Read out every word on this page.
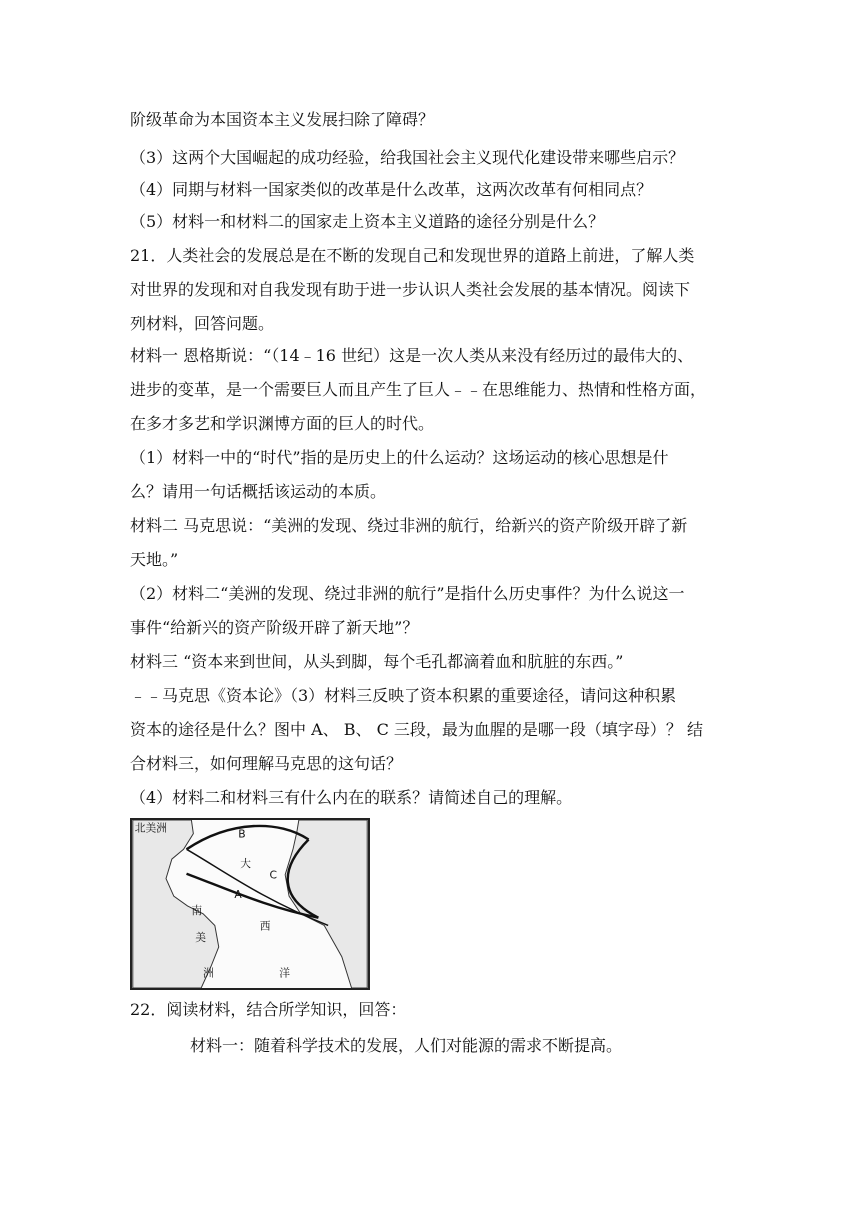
阶级革命为本国资本主义发展扫除了障碍？
（3）这两个大国崛起的成功经验，给我国社会主义现代化建设带来哪些启示？
（4）同期与材料一国家类似的改革是什么改革，这两次改革有何相同点？
（5）材料一和材料二的国家走上资本主义道路的途径分别是什么？
21．人类社会的发展总是在不断的发现自己和发现世界的道路上前进，了解人类
对世界的发现和对自我发现有助于进一步认识人类社会发展的基本情况。阅读下
列材料，回答问题。
材料一 恩格斯说：“（14﹣16 世纪）这是一次人类从来没有经历过的最伟大的、
进步的变革，是一个需要巨人而且产生了巨人﹣﹣在思维能力、热情和性格方面，
在多才多艺和学识渊博方面的巨人的时代。
（1）材料一中的“时代”指的是历史上的什么运动？这场运动的核心思想是什
么？请用一句话概括该运动的本质。
材料二 马克思说：“美洲的发现、绕过非洲的航行，给新兴的资产阶级开辟了新
天地。”
（2）材料二“美洲的发现、绕过非洲的航行”是指什么历史事件？为什么说这一
事件“给新兴的资产阶级开辟了新天地”？
材料三 “资本来到世间，从头到脚，每个毛孔都滴着血和肮脏的东西。”
﹣﹣马克思《资本论》（3）材料三反映了资本积累的重要途径，请问这种积累
资本的途径是什么？图中 A、 B、 C 三段，最为血腥的是哪一段（填字母）？ 结
合材料三，如何理解马克思的这句话？
（4）材料二和材料三有什么内在的联系？请简述自己的理解。
北美洲	B
C
A
大
西
洋
南
美
洲
22．阅读材料，结合所学知识，回答：
材料一：随着科学技术的发展，人们对能源的需求不断提高。
